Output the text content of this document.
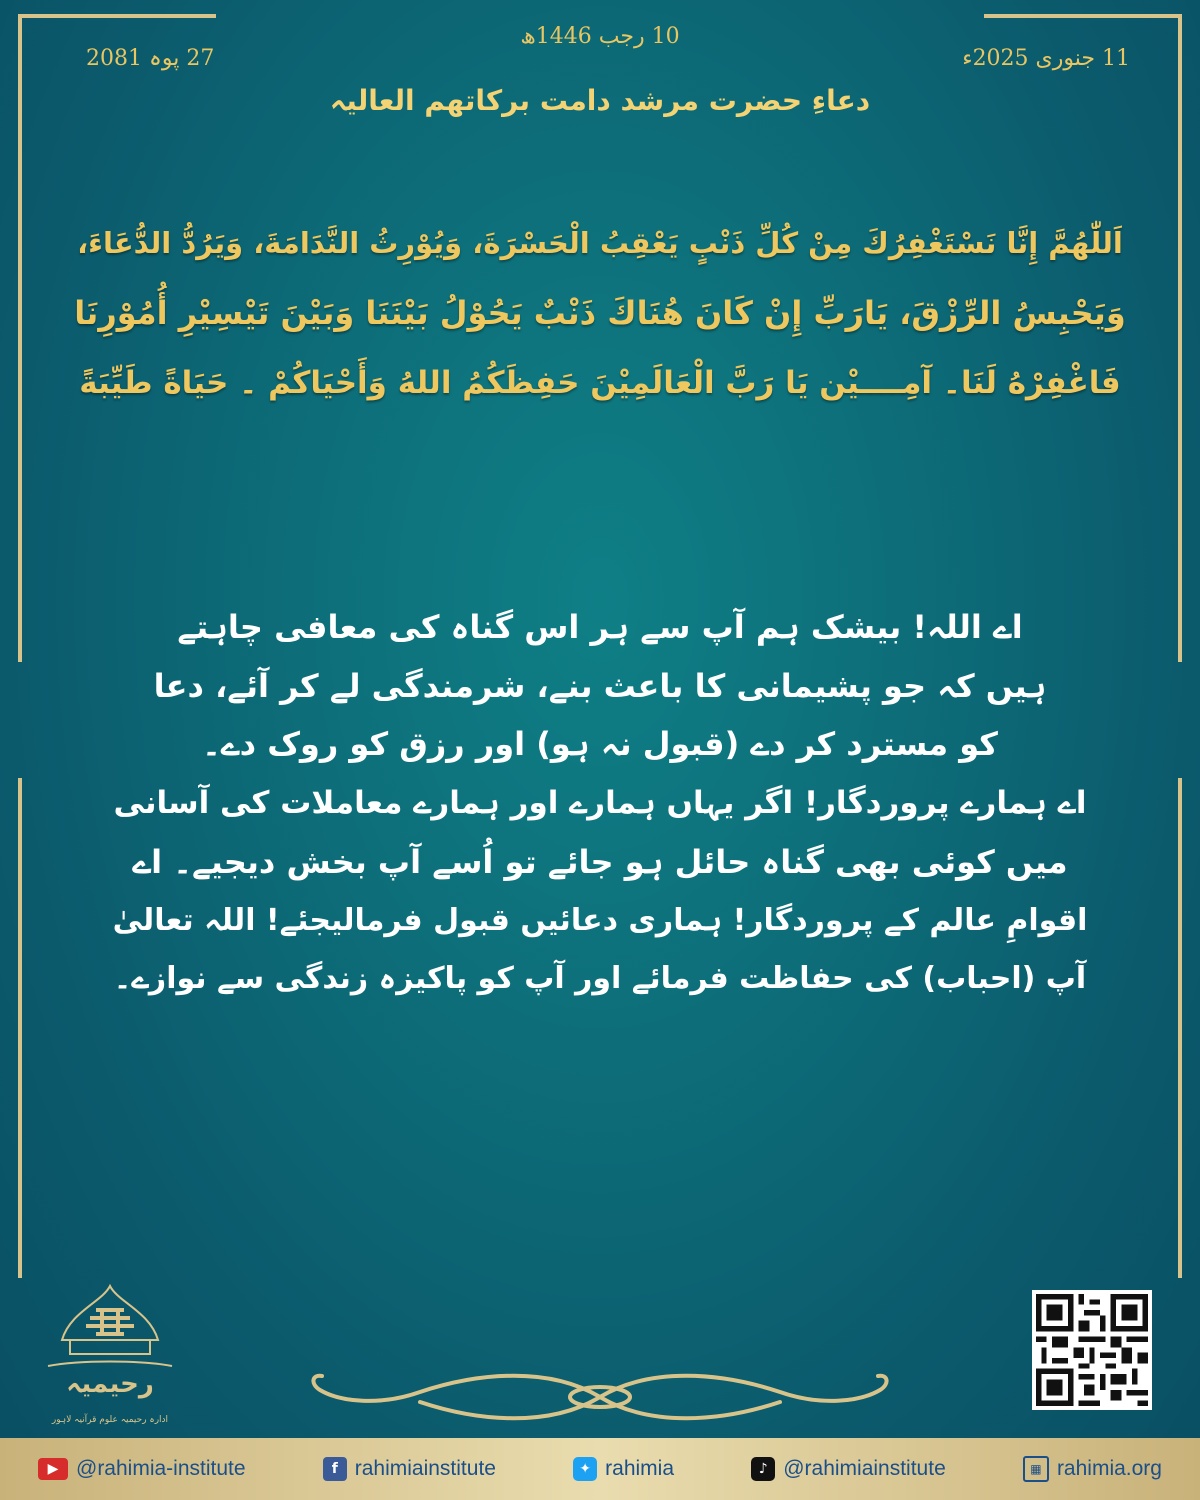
10 رجب 1446ھ
11 جنوری 2025ء
27 پوہ 2081
دعاءِ حضرت مرشد دامت برکاتھم العالیہ
اَللّٰهُمَّ إِنَّا نَسْتَغْفِرُكَ مِنْ كُلِّ ذَنْبٍ يَعْقِبُ الْحَسْرَةَ، وَيُوْرِثُ النَّدَامَةَ، وَيَرُدُّ الدُّعَاءَ،
وَيَحْبِسُ الرِّزْقَ، يَارَبِّ إِنْ كَانَ هُنَاكَ ذَنْبٌ يَحُوْلُ بَيْنَنَا وَبَيْنَ تَيْسِيْرِ أُمُوْرِنَا
فَاغْفِرْهُ لَنَا۔ آمِــــيْن يَا رَبَّ الْعَالَمِيْنَ حَفِظَكُمُ اللهُ وَأَحْيَاكُمْ ۔ حَيَاةً طَيِّبَةً
اے اللہ! بیشک ہم آپ سے ہر اس گناہ کی معافی چاہتے
ہیں کہ جو پشیمانی کا باعث بنے، شرمندگی لے کر آئے، دعا
کو مسترد کر دے (قبول نہ ہو) اور رزق کو روک دے۔
اے ہمارے پروردگار! اگر یہاں ہمارے اور ہمارے معاملات کی آسانی
میں کوئی بھی گناہ حائل ہو جائے تو اُسے آپ بخش دیجیے۔ اے
اقوامِ عالم کے پروردگار! ہماری دعائیں قبول فرمالیجئے! اللہ تعالیٰ
آپ (احباب) کی حفاظت فرمائے اور آپ کو پاکیزہ زندگی سے نوازے۔
رحیمیہ
ادارہ رحیمیہ علوم قرآنیہ لاہور
▶ @rahimia-institute	f rahimiainstitute	✦ rahimia	♪ @rahimiainstitute	▦ rahimia.org
